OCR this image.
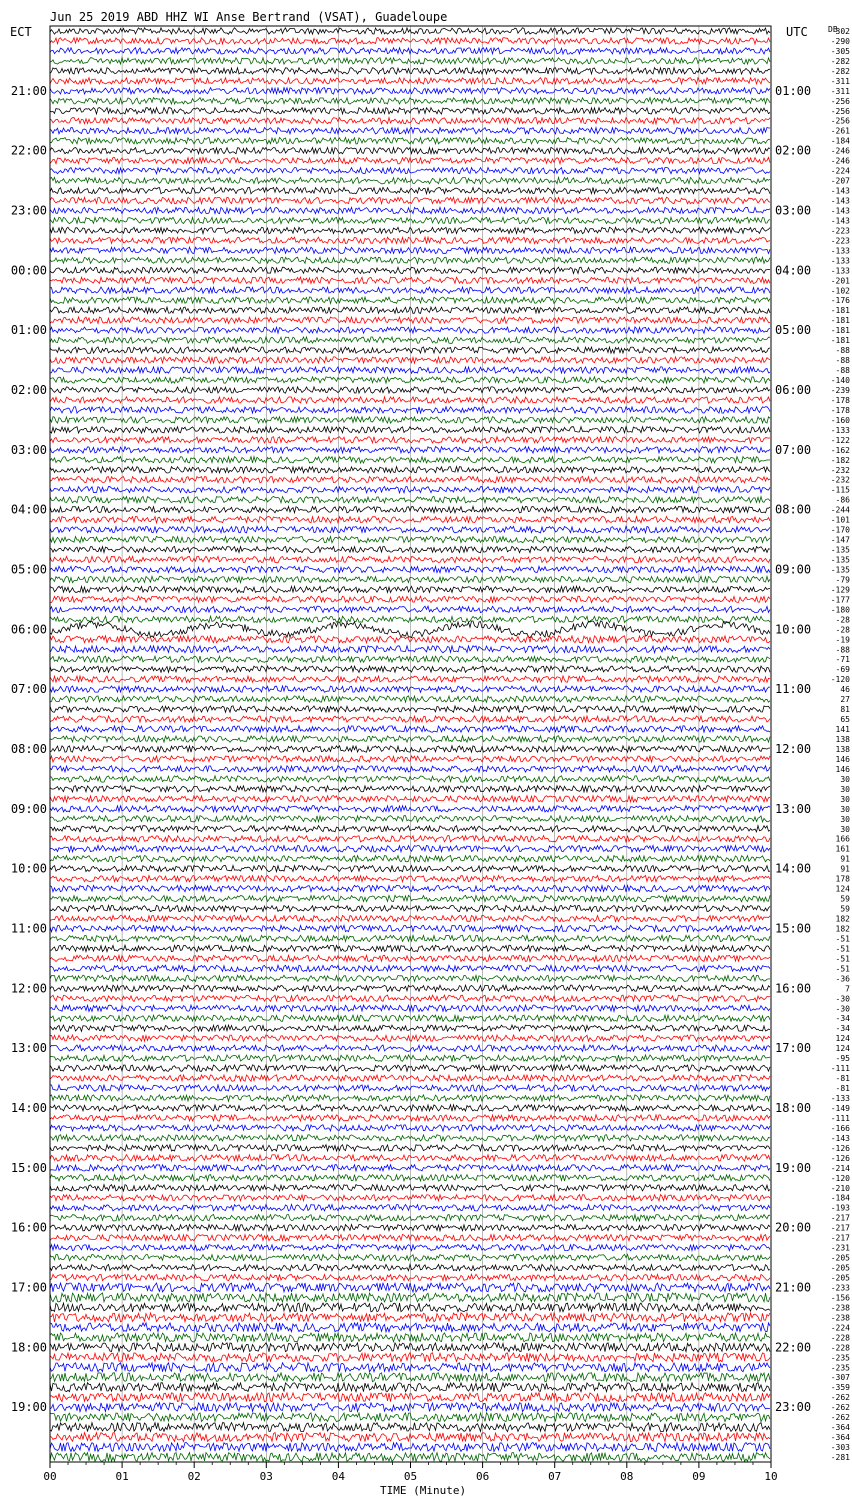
Jun 25 2019 ABD HHZ WI Anse Bertrand (VSAT), Guadeloupe
ECT	UTC	DB
TIME (Minute)
21:00
22:00
23:00
00:00
01:00
02:00
03:00
04:00
05:00
06:00
07:00
08:00
09:00
10:00
11:00
12:00
13:00
14:00
15:00
16:00
17:00
18:00
19:00
01:00
02:00
03:00
04:00
05:00
06:00
07:00
08:00
09:00
10:00
11:00
12:00
13:00
14:00
15:00
16:00
17:00
18:00
19:00
20:00
21:00
22:00
23:00
302
-290
-305
-282
-282
-311
-311
-256
-256
-256
-261
-184
-246
-246
-224
-207
-143
-143
-143
-143
-223
-223
-133
-133
-133
-201
-102
-176
-181
-181
-181
-181
-88
-88
-88
-140
-239
-178
-178
-160
-133
-122
-162
-182
-232
-232
-115
-86
-244
-101
-170
-147
-135
-135
-135
-79
-129
-177
-180
-28
-28
-19
-88
-71
-69
-120
46
27
81
65
141
138
138
146
146
30
30
30
30
30
30
166
161
91
91
178
124
59
59
182
182
-51
-51
-51
-51
-36
7
-30
-30
-34
-34
124
124
-95
-111
-81
-81
-133
-149
-111
-166
-143
-126
-126
-214
-120
-210
-184
-193
-217
-217
-217
-231
-205
-205
-205
-233
-156
-238
-238
-224
-228
-228
-235
-235
-307
-359
-262
-262
-262
-364
-364
-303
-281
00	01	02	03	04	05	06	07	08	09	10
